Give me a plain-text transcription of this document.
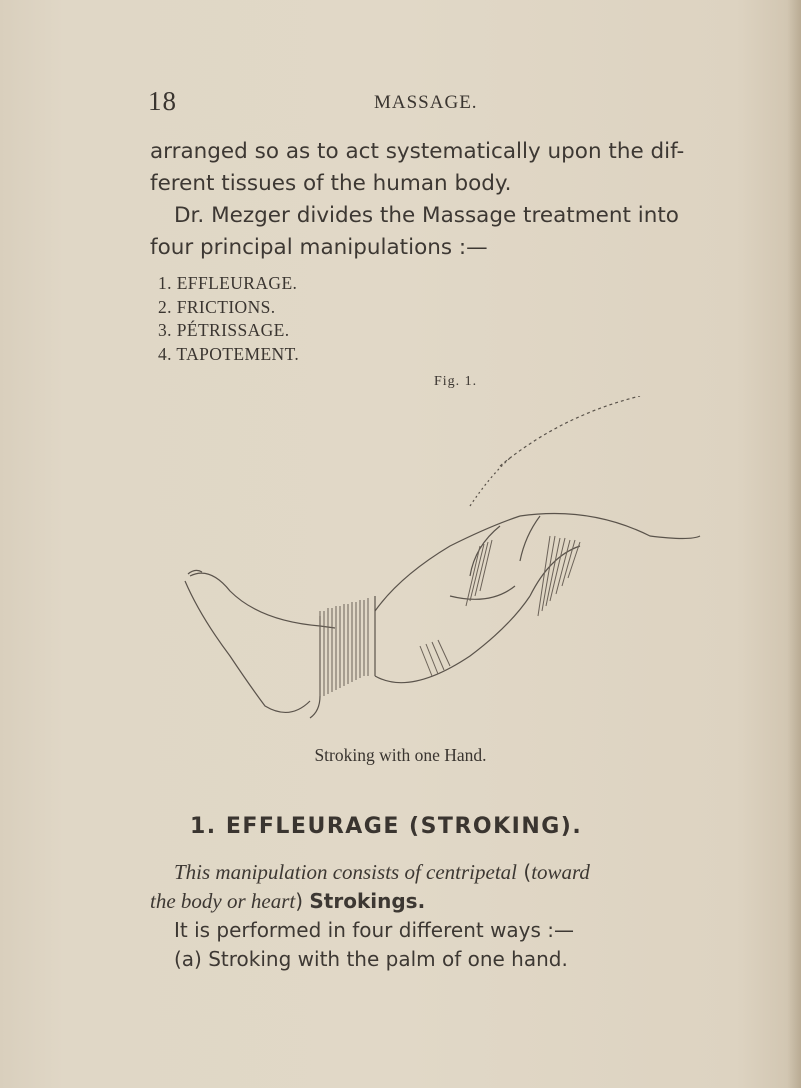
18	MASSAGE.
arranged so as to act systematically upon the dif-
ferent tissues of the human body.
Dr. Mezger divides the Massage treatment into
four principal manipulations :—
1. EFFLEURAGE.
2. FRICTIONS.
3. PÉTRISSAGE.
4. TAPOTEMENT.
Fig. 1.
Stroking with one Hand.
1. EFFLEURAGE (STROKING).
This manipulation consists of centripetal (toward
the body or heart) Strokings.
It is performed in four different ways :—
(a) Stroking with the palm of one hand.
